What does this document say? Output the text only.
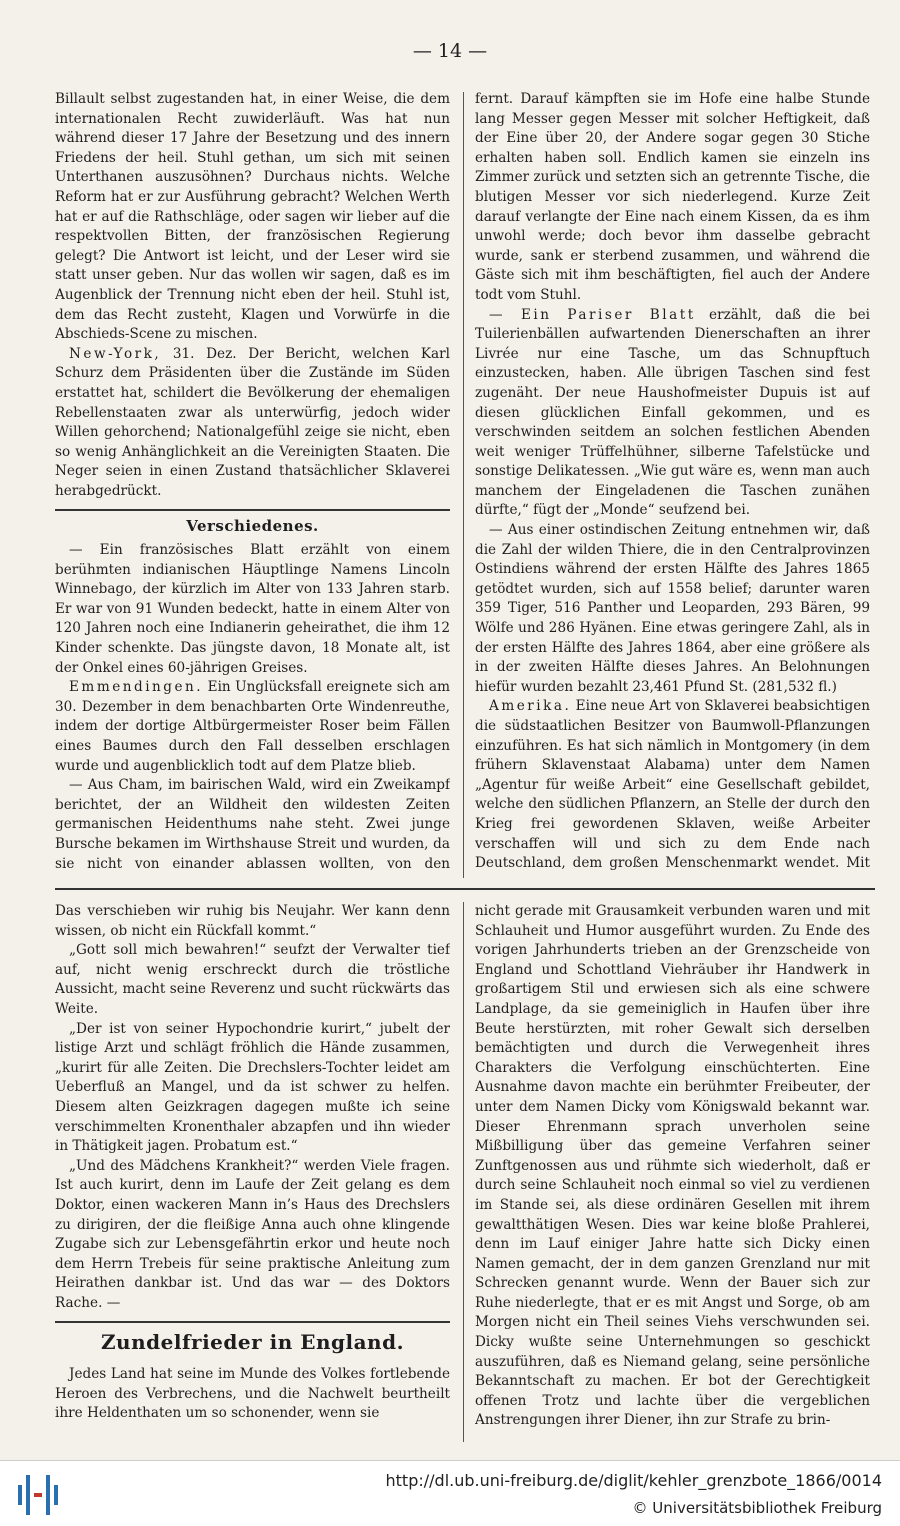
— 14 —

Billault selbst zugestanden hat, in einer Weise, die dem internationalen Recht zuwiderläuft. Was hat nun während dieser 17 Jahre der Besetzung und des innern Friedens der heil. Stuhl gethan, um sich mit seinen Unterthanen auszusöhnen? Durchaus nichts. Welche Reform hat er zur Ausführung gebracht? Welchen Werth hat er auf die Rathschläge, oder sagen wir lieber auf die respektvollen Bitten, der französischen Regierung gelegt? Die Antwort ist leicht, und der Leser wird sie statt unser geben. Nur das wollen wir sagen, daß es im Augenblick der Trennung nicht eben der heil. Stuhl ist, dem das Recht zusteht, Klagen und Vorwürfe in die Abschieds-Scene zu mischen.

New-York, 31. Dez. Der Bericht, welchen Karl Schurz dem Präsidenten über die Zustände im Süden erstattet hat, schildert die Bevölkerung der ehemaligen Rebellenstaaten zwar als unterwürfig, jedoch wider Willen gehorchend; Nationalgefühl zeige sie nicht, eben so wenig Anhänglichkeit an die Vereinigten Staaten. Die Neger seien in einen Zustand thatsächlicher Sklaverei herabgedrückt.

Verschiedenes.

— Ein französisches Blatt erzählt von einem berühmten indianischen Häuptlinge Namens Lincoln Winnebago, der kürzlich im Alter von 133 Jahren starb. Er war von 91 Wunden bedeckt, hatte in einem Alter von 120 Jahren noch eine Indianerin geheirathet, die ihm 12 Kinder schenkte. Das jüngste davon, 18 Monate alt, ist der Onkel eines 60-jährigen Greises.

Emmendingen. Ein Unglücksfall ereignete sich am 30. Dezember in dem benachbarten Orte Windenreuthe, indem der dortige Altbürgermeister Roser beim Fällen eines Baumes durch den Fall desselben erschlagen wurde und augenblicklich todt auf dem Platze blieb.

— Aus Cham, im bairischen Wald, wird ein Zweikampf berichtet, der an Wildheit den wildesten Zeiten germanischen Heidenthums nahe steht. Zwei junge Bursche bekamen im Wirthshause Streit und wurden, da sie nicht von einander ablassen wollten, von den

fernt. Darauf kämpften sie im Hofe eine halbe Stunde lang Messer gegen Messer mit solcher Heftigkeit, daß der Eine über 20, der Andere sogar gegen 30 Stiche erhalten haben soll. Endlich kamen sie einzeln ins Zimmer zurück und setzten sich an getrennte Tische, die blutigen Messer vor sich niederlegend. Kurze Zeit darauf verlangte der Eine nach einem Kissen, da es ihm unwohl werde; doch bevor ihm dasselbe gebracht wurde, sank er sterbend zusammen, und während die Gäste sich mit ihm beschäftigten, fiel auch der Andere todt vom Stuhl.

— Ein Pariser Blatt erzählt, daß die bei Tuilerienbällen aufwartenden Dienerschaften an ihrer Livrée nur eine Tasche, um das Schnupftuch einzustecken, haben. Alle übrigen Taschen sind fest zugenäht. Der neue Haushofmeister Dupuis ist auf diesen glücklichen Einfall gekommen, und es verschwinden seitdem an solchen festlichen Abenden weit weniger Trüffelhühner, silberne Tafelstücke und sonstige Delikatessen. „Wie gut wäre es, wenn man auch manchem der Eingeladenen die Taschen zunähen dürfte,“ fügt der „Monde“ seufzend bei.

— Aus einer ostindischen Zeitung entnehmen wir, daß die Zahl der wilden Thiere, die in den Centralprovinzen Ostindiens während der ersten Hälfte des Jahres 1865 getödtet wurden, sich auf 1558 belief; darunter waren 359 Tiger, 516 Panther und Leoparden, 293 Bären, 99 Wölfe und 286 Hyänen. Eine etwas geringere Zahl, als in der ersten Hälfte des Jahres 1864, aber eine größere als in der zweiten Hälfte dieses Jahres. An Belohnungen hiefür wurden bezahlt 23,461 Pfund St. (281,532 fl.)

Amerika. Eine neue Art von Sklaverei beabsichtigen die südstaatlichen Besitzer von Baumwoll-Pflanzungen einzuführen. Es hat sich nämlich in Montgomery (in dem frühern Sklavenstaat Alabama) unter dem Namen „Agentur für weiße Arbeit“ eine Gesellschaft gebildet, welche den südlichen Pflanzern, an Stelle der durch den Krieg frei gewordenen Sklaven, weiße Arbeiter verschaffen will und sich zu dem Ende nach Deutschland, dem großen Menschenmarkt wendet. Mit

Das verschieben wir ruhig bis Neujahr. Wer kann denn wissen, ob nicht ein Rückfall kommt.“

„Gott soll mich bewahren!“ seufzt der Verwalter tief auf, nicht wenig erschreckt durch die tröstliche Aussicht, macht seine Reverenz und sucht rückwärts das Weite.

„Der ist von seiner Hypochondrie kurirt,“ jubelt der listige Arzt und schlägt fröhlich die Hände zusammen, „kurirt für alle Zeiten. Die Drechslers-Tochter leidet am Ueberfluß an Mangel, und da ist schwer zu helfen. Diesem alten Geizkragen dagegen mußte ich seine verschimmelten Kronenthaler abzapfen und ihn wieder in Thätigkeit jagen. Probatum est.“

„Und des Mädchens Krankheit?“ werden Viele fragen. Ist auch kurirt, denn im Laufe der Zeit gelang es dem Doktor, einen wackeren Mann in’s Haus des Drechslers zu dirigiren, der die fleißige Anna auch ohne klingende Zugabe sich zur Lebensgefährtin erkor und heute noch dem Herrn Trebeis für seine praktische Anleitung zum Heirathen dankbar ist. Und das war — des Doktors Rache. —

Zundelfrieder in England.

Jedes Land hat seine im Munde des Volkes fortlebende Heroen des Verbrechens, und die Nachwelt beurtheilt ihre Heldenthaten um so schonender, wenn sie

nicht gerade mit Grausamkeit verbunden waren und mit Schlauheit und Humor ausgeführt wurden. Zu Ende des vorigen Jahrhunderts trieben an der Grenzscheide von England und Schottland Viehräuber ihr Handwerk in großartigem Stil und erwiesen sich als eine schwere Landplage, da sie gemeiniglich in Haufen über ihre Beute herstürzten, mit roher Gewalt sich derselben bemächtigten und durch die Verwegenheit ihres Charakters die Verfolgung einschüchterten. Eine Ausnahme davon machte ein berühmter Freibeuter, der unter dem Namen Dicky vom Königswald bekannt war. Dieser Ehrenmann sprach unverholen seine Mißbilligung über das gemeine Verfahren seiner Zunftgenossen aus und rühmte sich wiederholt, daß er durch seine Schlauheit noch einmal so viel zu verdienen im Stande sei, als diese ordinären Gesellen mit ihrem gewaltthätigen Wesen. Dies war keine bloße Prahlerei, denn im Lauf einiger Jahre hatte sich Dicky einen Namen gemacht, der in dem ganzen Grenzland nur mit Schrecken genannt wurde. Wenn der Bauer sich zur Ruhe niederlegte, that er es mit Angst und Sorge, ob am Morgen nicht ein Theil seines Viehs verschwunden sei. Dicky wußte seine Unternehmungen so geschickt auszuführen, daß es Niemand gelang, seine persönliche Bekanntschaft zu machen. Er bot der Gerechtigkeit offenen Trotz und lachte über die vergeblichen Anstrengungen ihrer Diener, ihn zur Strafe zu brin-

http://dl.ub.uni-freiburg.de/diglit/kehler_grenzbote_1866/0014
© Universitätsbibliothek Freiburg
